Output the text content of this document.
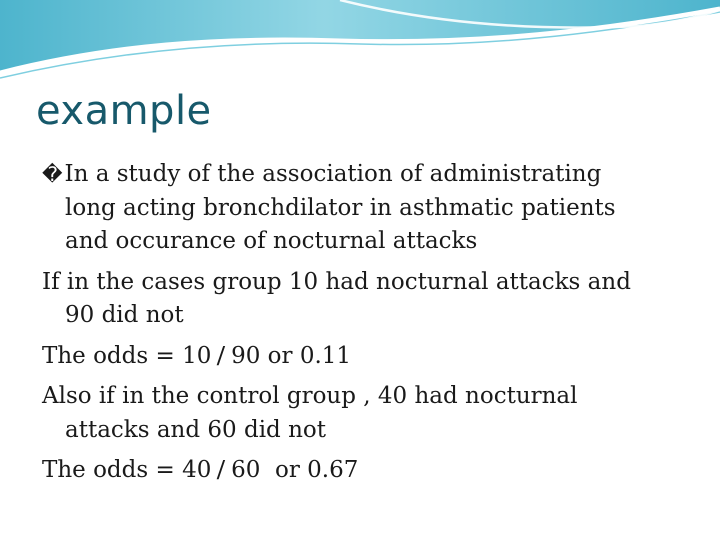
example
�In a study of the association of administrating
long acting bronchdilator in asthmatic patients
and occurance of nocturnal attacks
If in the cases group 10 had nocturnal attacks and
90 did not
The odds = 10 / 90 or 0.11
Also if in the control group , 40 had nocturnal
attacks and 60 did not
The odds = 40 / 60  or 0.67
